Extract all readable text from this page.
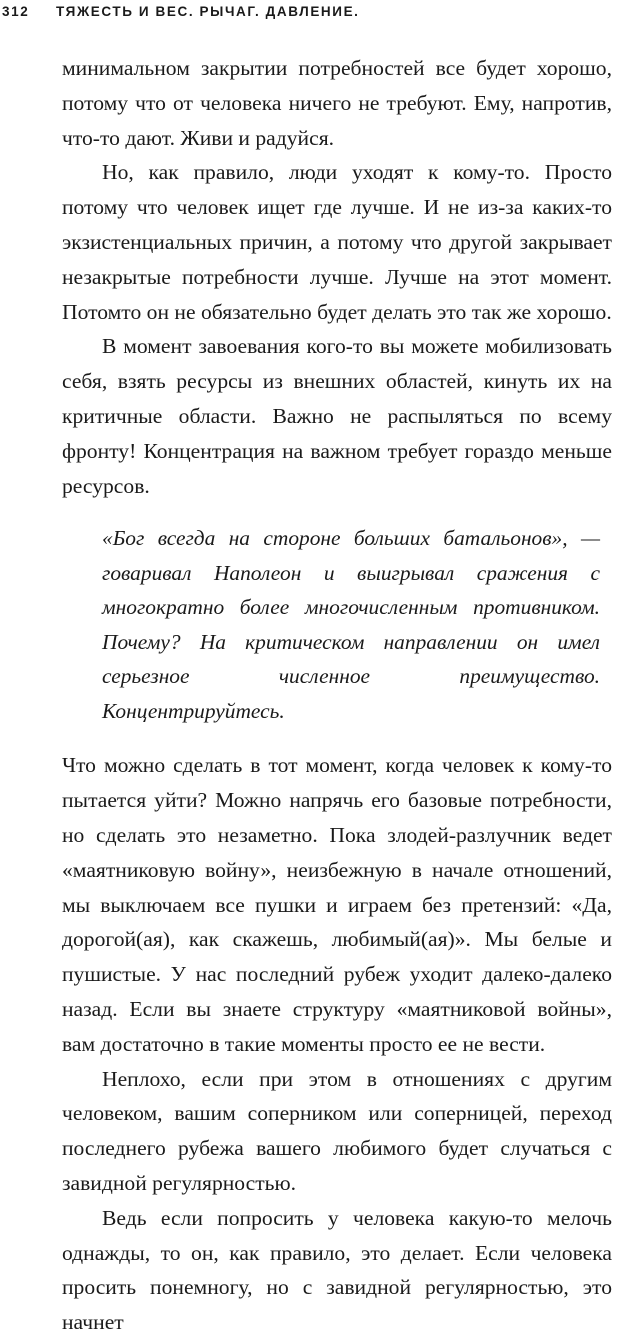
312 ТЯЖЕСТЬ И ВЕС. РЫЧАГ. ДАВЛЕНИЕ.

минимальном закрытии потребностей все будет хорошо, потому что от человека ничего не требуют. Ему, напротив, что-то дают. Живи и радуйся.

Но, как правило, люди уходят к кому-то. Просто потому что человек ищет где лучше. И не из-за каких-то экзистенциальных причин, а потому что другой закрывает незакрытые потребности лучше. Лучше на этот момент. Потомто он не обязательно будет делать это так же хорошо.

В момент завоевания кого-то вы можете мобилизовать себя, взять ресурсы из внешних областей, кинуть их на критичные области. Важно не распыляться по всему фронту! Концентрация на важном требует гораздо меньше ресурсов.

«Бог всегда на стороне больших батальонов», — говаривал Наполеон и выигрывал сражения с многократно более многочисленным противником. Почему? На критическом направлении он имел серьезное численное преимущество. Концентрируйтесь.

Что можно сделать в тот момент, когда человек к кому-то пытается уйти? Можно напрячь его базовые потребности, но сделать это незаметно. Пока злодей-разлучник ведет «маятниковую войну», неизбежную в начале отношений, мы выключаем все пушки и играем без претензий: «Да, дорогой(ая), как скажешь, любимый(ая)». Мы белые и пушистые. У нас последний рубеж уходит далеко-далеко назад. Если вы знаете структуру «маятниковой войны», вам достаточно в такие моменты просто ее не вести.

Неплохо, если при этом в отношениях с другим человеком, вашим соперником или соперницей, переход последнего рубежа вашего любимого будет случаться с завидной регулярностью.

Ведь если попросить у человека какую-то мелочь однажды, то он, как правило, это делает. Если человека просить понемногу, но с завидной регулярностью, это начнет
